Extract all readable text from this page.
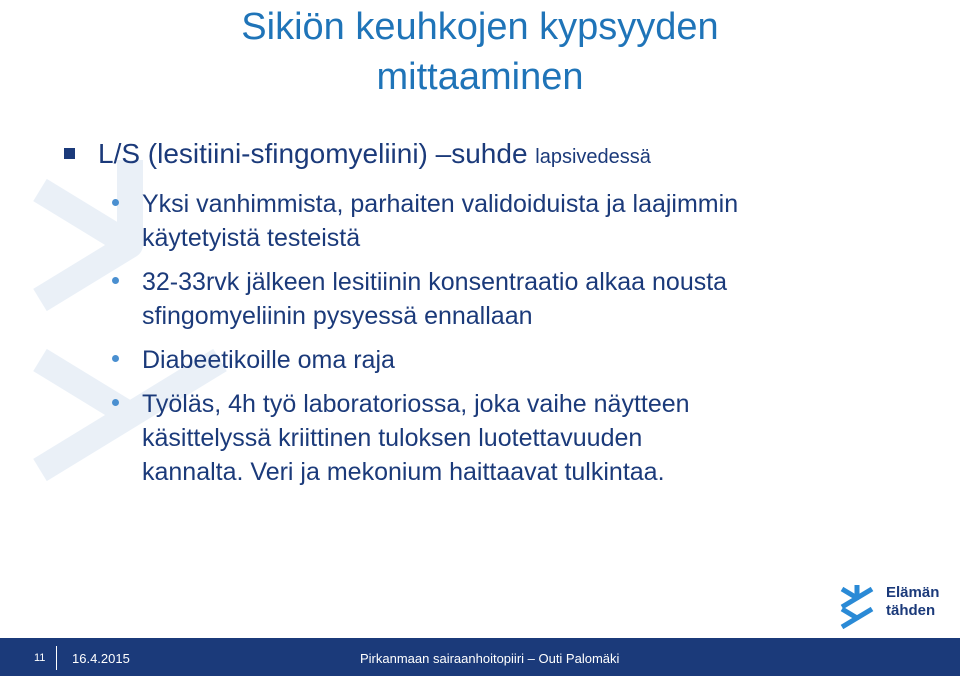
Sikiön keuhkojen kypsyyden
mittaaminen
L/S (lesitiini-sfingomyeliini) –suhde lapsivedessä
Yksi vanhimmista, parhaiten validoiduista ja laajimmin
käytetyistä testeistä
32-33rvk jälkeen lesitiinin konsentraatio alkaa nousta
sfingomyeliinin pysyessä ennallaan
Diabeetikoille oma raja
Työläs, 4h työ laboratoriossa, joka vaihe näytteen
käsittelyssä kriittinen tuloksen luotettavuuden
kannalta. Veri ja mekonium haittaavat tulkintaa.
Elämän
tähden
11 16.4.2015	Pirkanmaan sairaanhoitopiiri – Outi Palomäki
